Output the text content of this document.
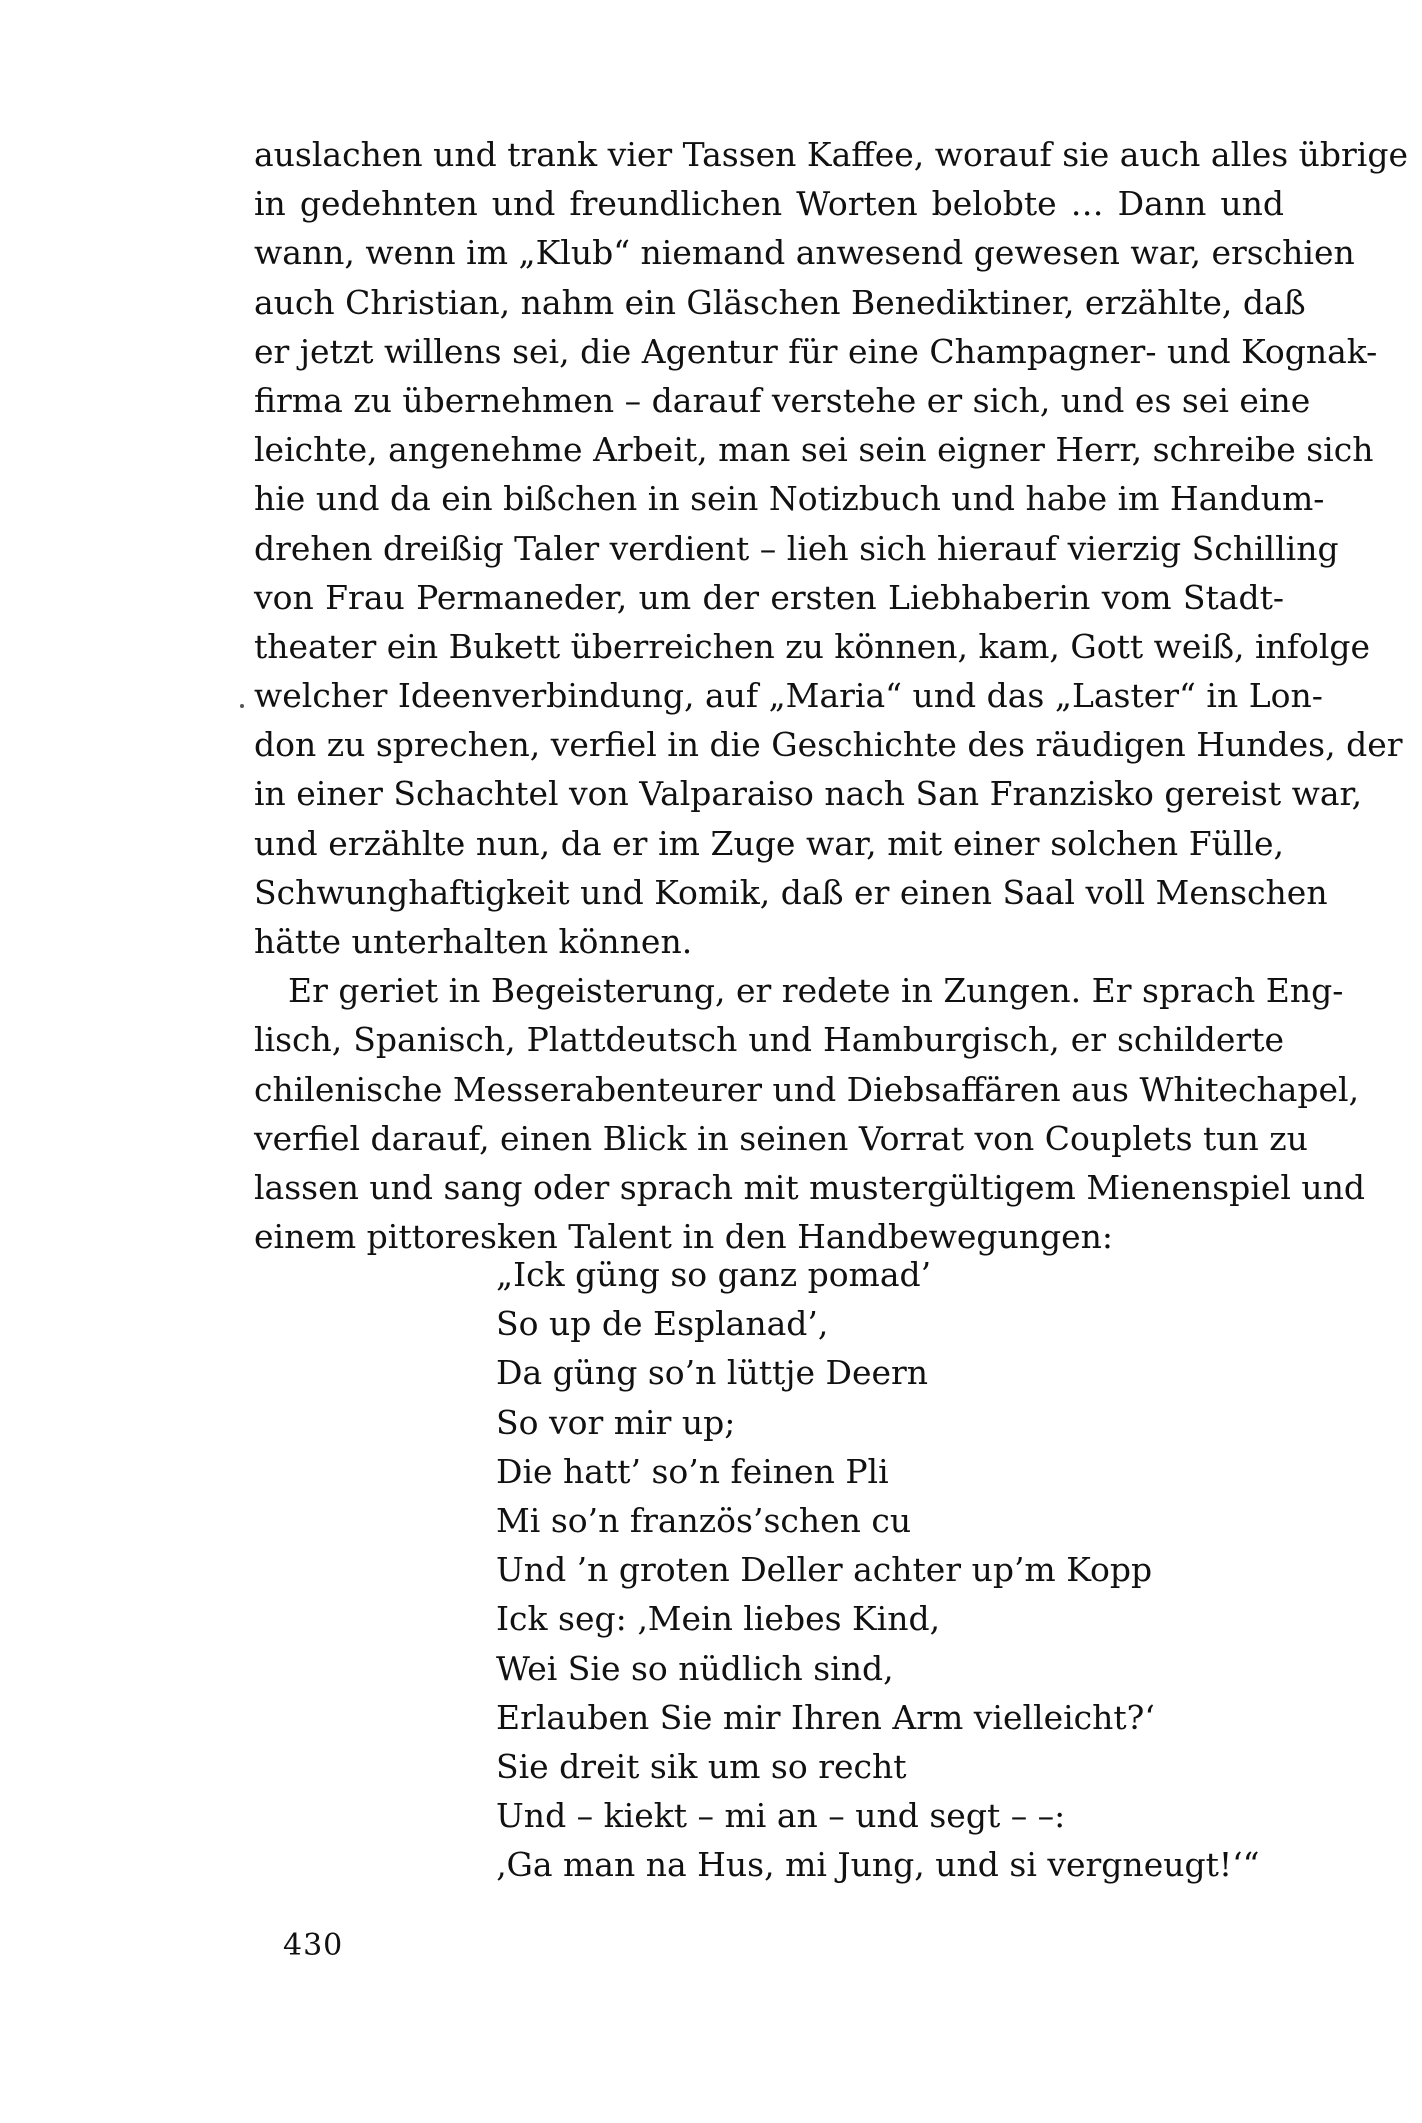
auslachen und trank vier Tassen Kaffee, worauf sie auch alles übrige
in gedehnten und freundlichen Worten belobte … Dann und
wann, wenn im „Klub“ niemand anwesend gewesen war, erschien
auch Christian, nahm ein Gläschen Benediktiner, erzählte, daß
er jetzt willens sei, die Agentur für eine Champagner- und Kognak-
firma zu übernehmen – darauf verstehe er sich, und es sei eine
leichte, angenehme Arbeit, man sei sein eigner Herr, schreibe sich
hie und da ein bißchen in sein Notizbuch und habe im Handum-
drehen dreißig Taler verdient – lieh sich hierauf vierzig Schilling
von Frau Permaneder, um der ersten Liebhaberin vom Stadt-
theater ein Bukett überreichen zu können, kam, Gott weiß, infolge
welcher Ideenverbindung, auf „Maria“ und das „Laster“ in Lon-
don zu sprechen, verfiel in die Geschichte des räudigen Hundes, der
in einer Schachtel von Valparaiso nach San Franzisko gereist war,
und erzählte nun, da er im Zuge war, mit einer solchen Fülle,
Schwunghaftigkeit und Komik, daß er einen Saal voll Menschen
hätte unterhalten können.
Er geriet in Begeisterung, er redete in Zungen. Er sprach Eng-
lisch, Spanisch, Plattdeutsch und Hamburgisch, er schilderte
chilenische Messerabenteurer und Diebsaffären aus Whitechapel,
verfiel darauf, einen Blick in seinen Vorrat von Couplets tun zu
lassen und sang oder sprach mit mustergültigem Mienenspiel und
einem pittoresken Talent in den Handbewegungen:
„Ick güng so ganz pomad’
So up de Esplanad’,
Da güng so’n lüttje Deern
So vor mir up;
Die hatt’ so’n feinen Pli
Mi so’n französ’schen cu
Und ’n groten Deller achter up’m Kopp
Ick seg: ‚Mein liebes Kind,
Wei Sie so nüdlich sind,
Erlauben Sie mir Ihren Arm vielleicht?‘
Sie dreit sik um so recht
Und – kiekt – mi an – und segt – –:
‚Ga man na Hus, mi Jung, und si vergneugt!‘“
430
